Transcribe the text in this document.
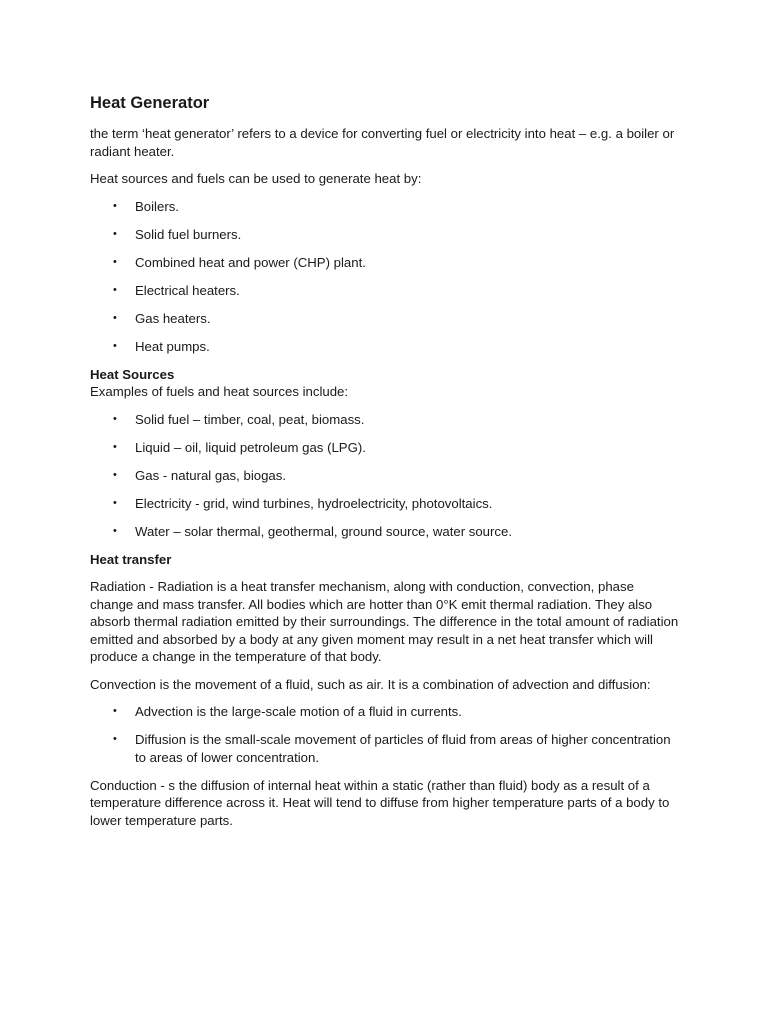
Heat Generator

the term ‘heat generator’ refers to a device for converting fuel or electricity into heat – e.g. a boiler or radiant heater.

Heat sources and fuels can be used to generate heat by:

• Boilers.
• Solid fuel burners.
• Combined heat and power (CHP) plant.
• Electrical heaters.
• Gas heaters.
• Heat pumps.
Heat Sources
Examples of fuels and heat sources include:
• Solid fuel – timber, coal, peat, biomass.
• Liquid – oil, liquid petroleum gas (LPG).
• Gas - natural gas, biogas.
• Electricity - grid, wind turbines, hydroelectricity, photovoltaics.
• Water – solar thermal, geothermal, ground source, water source.
Heat transfer

Radiation - Radiation is a heat transfer mechanism, along with conduction, convection, phase change and mass transfer. All bodies which are hotter than 0°K emit thermal radiation. They also absorb thermal radiation emitted by their surroundings. The difference in the total amount of radiation emitted and absorbed by a body at any given moment may result in a net heat transfer which will produce a change in the temperature of that body.

Convection is the movement of a fluid, such as air. It is a combination of advection and diffusion:

• Advection is the large-scale motion of a fluid in currents.
• Diffusion is the small-scale movement of particles of fluid from areas of higher concentration to areas of lower concentration.

Conduction - s the diffusion of internal heat within a static (rather than fluid) body as a result of a temperature difference across it. Heat will tend to diffuse from higher temperature parts of a body to lower temperature parts.
